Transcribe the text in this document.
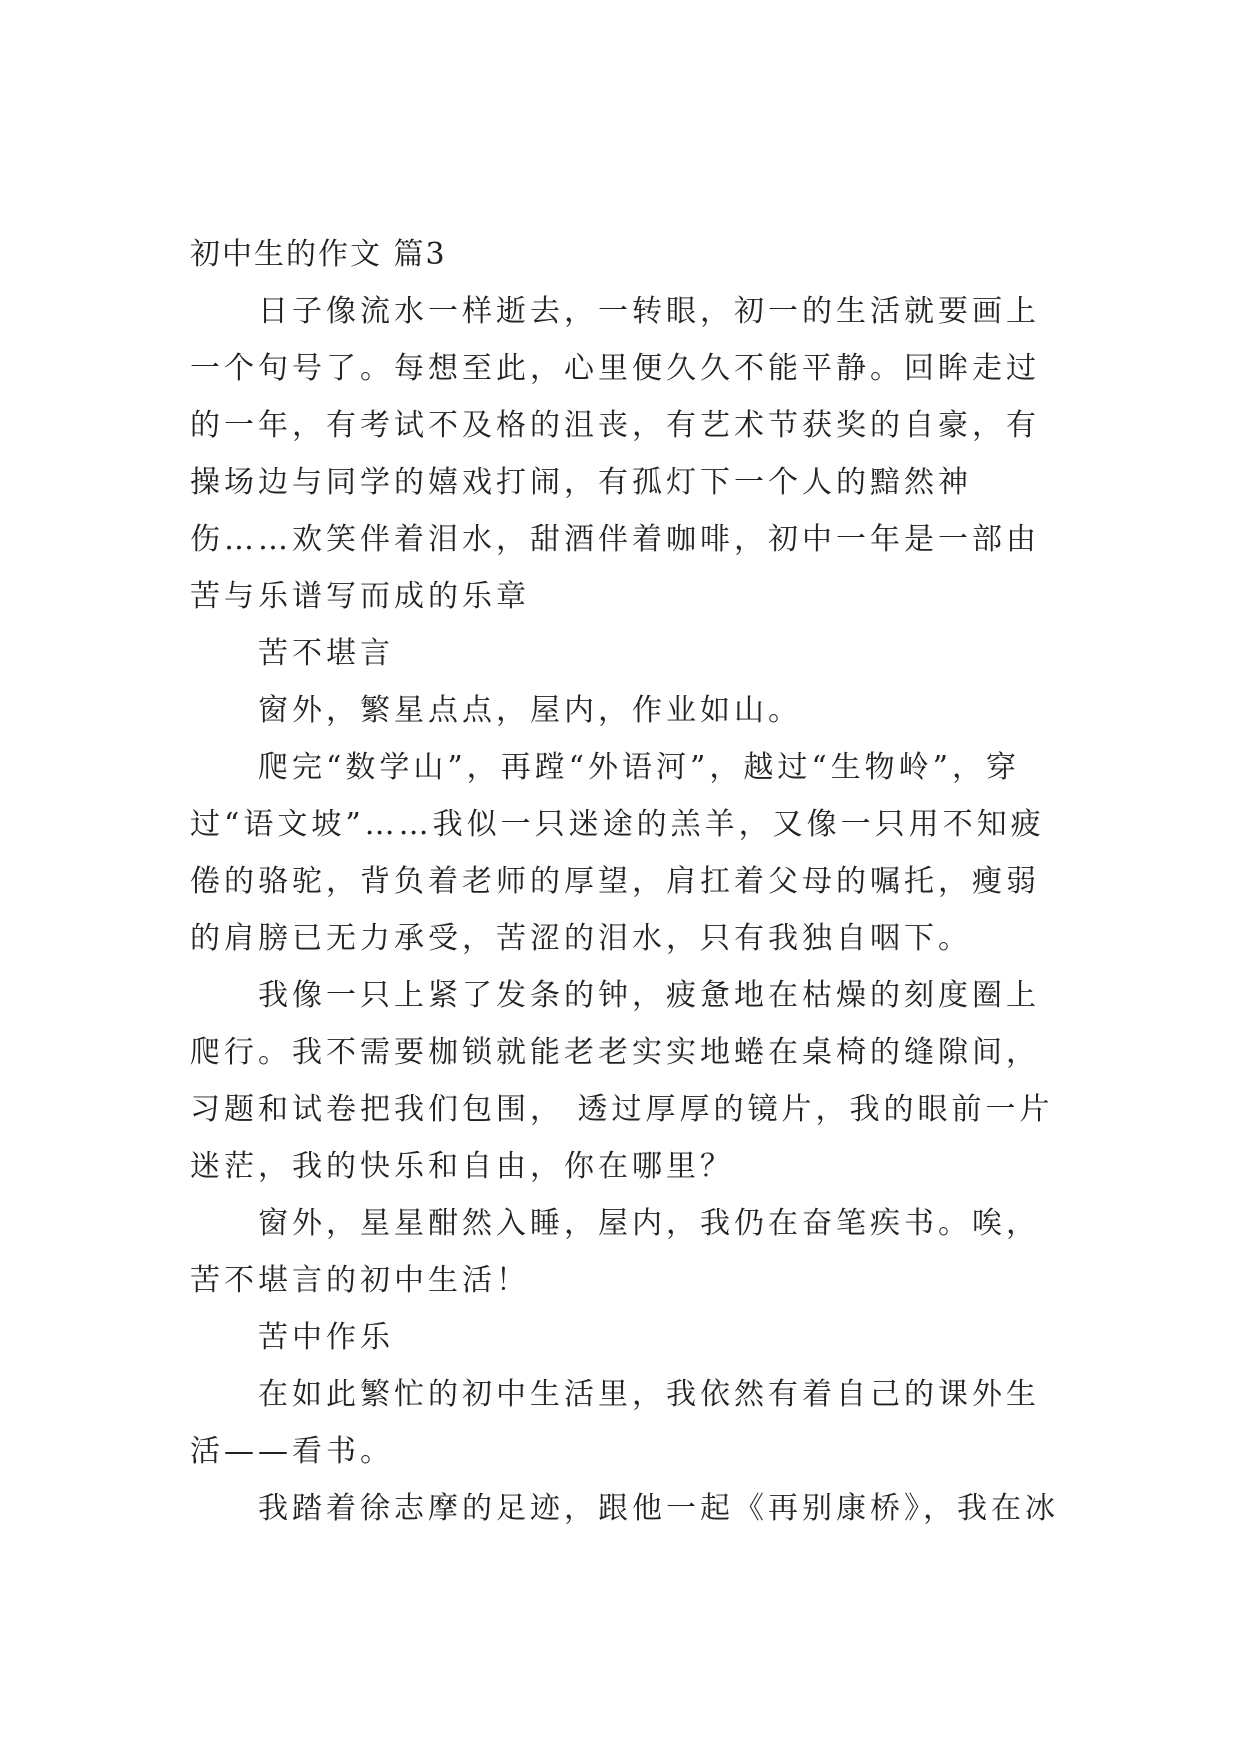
初中生的作文 篇3

日子像流水一样逝去，一转眼，初一的生活就要画上一个句号了。每想至此，心里便久久不能平静。回眸走过的一年，有考试不及格的沮丧，有艺术节获奖的自豪，有操场边与同学的嬉戏打闹，有孤灯下一个人的黯然神伤……欢笑伴着泪水，甜酒伴着咖啡，初中一年是一部由苦与乐谱写而成的乐章

苦不堪言

窗外，繁星点点，屋内，作业如山。

爬完“数学山”，再蹚“外语河”，越过“生物岭”，穿过“语文坡”……我似一只迷途的羔羊，又像一只用不知疲倦的骆驼，背负着老师的厚望，肩扛着父母的嘱托，瘦弱的肩膀已无力承受，苦涩的泪水，只有我独自咽下。

我像一只上紧了发条的钟，疲惫地在枯燥的刻度圈上爬行。我不需要枷锁就能老老实实地蜷在桌椅的缝隙间，习题和试卷把我们包围， 透过厚厚的镜片，我的眼前一片迷茫，我的快乐和自由，你在哪里？

窗外，星星酣然入睡，屋内，我仍在奋笔疾书。唉，苦不堪言的初中生活！

苦中作乐

在如此繁忙的初中生活里，我依然有着自己的课外生活——看书。

我踏着徐志摩的足迹，跟他一起《再别康桥》，我在冰
